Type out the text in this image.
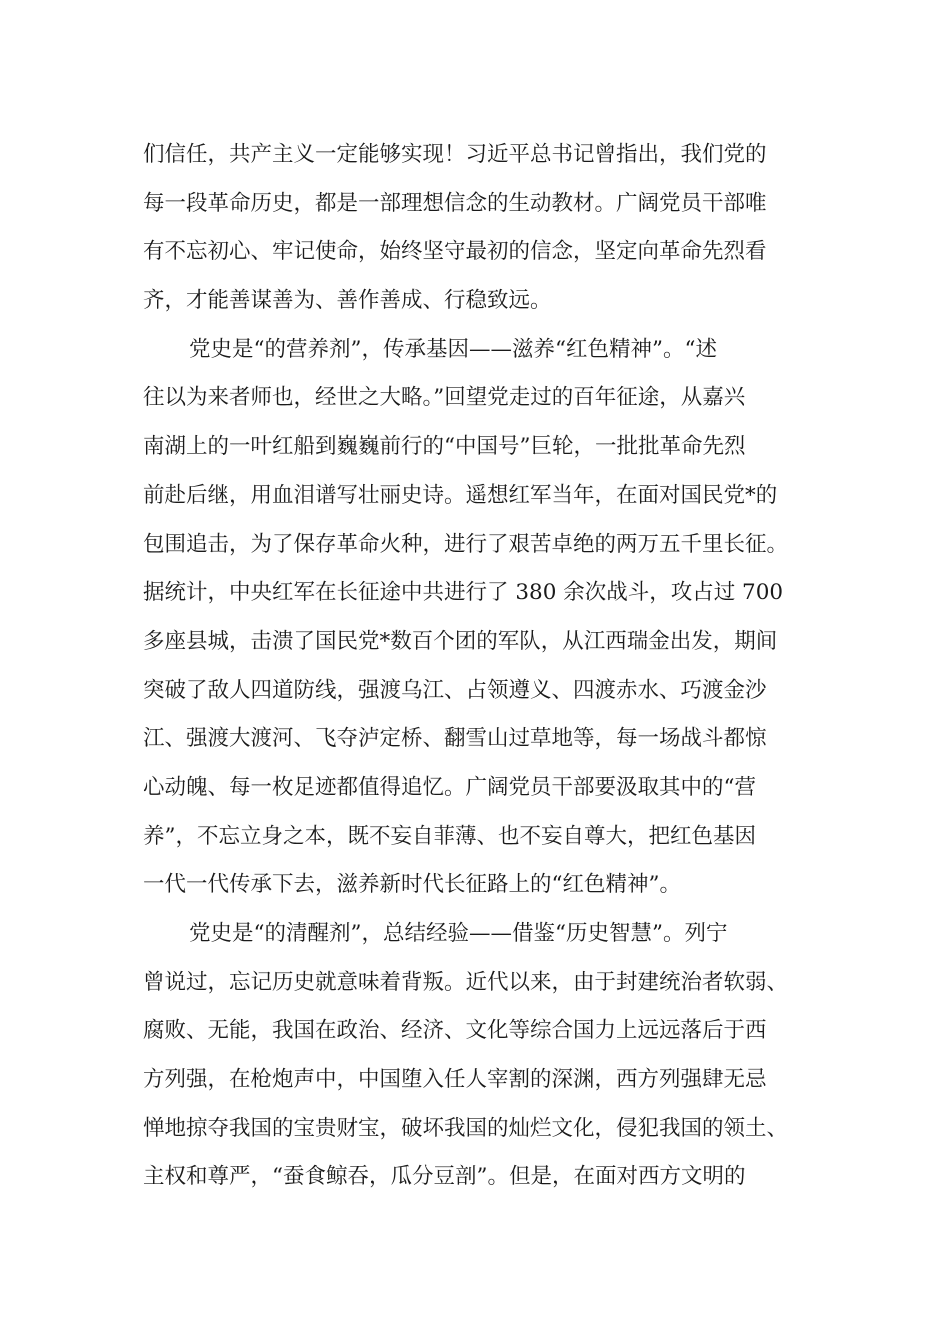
们信任，共产主义一定能够实现！习近平总书记曾指出，我们党的
每一段革命历史，都是一部理想信念的生动教材。广阔党员干部唯
有不忘初心、牢记使命，始终坚守最初的信念，坚定向革命先烈看
齐，才能善谋善为、善作善成、行稳致远。
党史是“的营养剂”，传承基因——滋养“红色精神”。“述
往以为来者师也，经世之大略。”回望党走过的百年征途，从嘉兴
南湖上的一叶红船到巍巍前行的“中国号”巨轮，一批批革命先烈
前赴后继，用血泪谱写壮丽史诗。遥想红军当年，在面对国民党*的
包围追击，为了保存革命火种，进行了艰苦卓绝的两万五千里长征。
据统计，中央红军在长征途中共进行了 380 余次战斗，攻占过 700
多座县城，击溃了国民党*数百个团的军队，从江西瑞金出发，期间
突破了敌人四道防线，强渡乌江、占领遵义、四渡赤水、巧渡金沙
江、强渡大渡河、飞夺泸定桥、翻雪山过草地等，每一场战斗都惊
心动魄、每一枚足迹都值得追忆。广阔党员干部要汲取其中的“营
养”，不忘立身之本，既不妄自菲薄、也不妄自尊大，把红色基因
一代一代传承下去，滋养新时代长征路上的“红色精神”。
党史是“的清醒剂”，总结经验——借鉴“历史智慧”。列宁
曾说过，忘记历史就意味着背叛。近代以来，由于封建统治者软弱、
腐败、无能，我国在政治、经济、文化等综合国力上远远落后于西
方列强，在枪炮声中，中国堕入任人宰割的深渊，西方列强肆无忌
惮地掠夺我国的宝贵财宝，破坏我国的灿烂文化，侵犯我国的领土、
主权和尊严，“蚕食鲸吞，瓜分豆剖”。但是，在面对西方文明的
